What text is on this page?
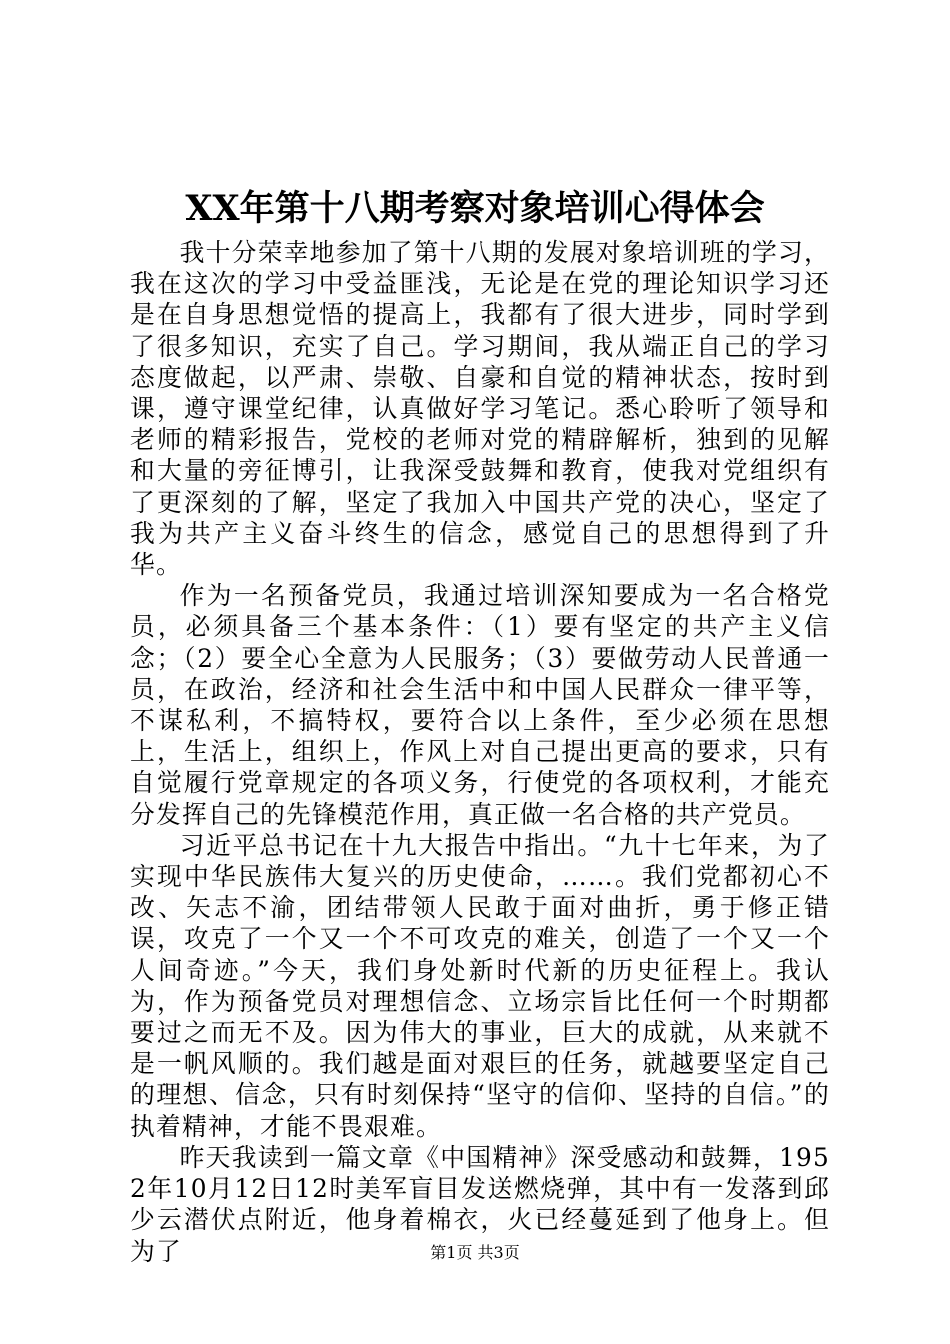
XX年第十八期考察对象培训心得体会

我十分荣幸地参加了第十八期的发展对象培训班的学习，我在这次的学习中受益匪浅，无论是在党的理论知识学习还是在自身思想觉悟的提高上，我都有了很大进步，同时学到了很多知识，充实了自己。学习期间，我从端正自己的学习态度做起，以严肃、崇敬、自豪和自觉的精神状态，按时到课，遵守课堂纪律，认真做好学习笔记。悉心聆听了领导和老师的精彩报告，党校的老师对党的精辟解析，独到的见解和大量的旁征博引，让我深受鼓舞和教育，使我对党组织有了更深刻的了解，坚定了我加入中国共产党的决心，坚定了我为共产主义奋斗终生的信念，感觉自己的思想得到了升华。

作为一名预备党员，我通过培训深知要成为一名合格党员，必须具备三个基本条件：（1）要有坚定的共产主义信念；（2）要全心全意为人民服务；（3）要做劳动人民普通一员，在政治，经济和社会生活中和中国人民群众一律平等，不谋私利，不搞特权，要符合以上条件，至少必须在思想上，生活上，组织上，作风上对自己提出更高的要求，只有自觉履行党章规定的各项义务，行使党的各项权利，才能充分发挥自己的先锋模范作用，真正做一名合格的共产党员。

习近平总书记在十九大报告中指出。“九十七年来，为了实现中华民族伟大复兴的历史使命，……。我们党都初心不改、矢志不渝，团结带领人民敢于面对曲折，勇于修正错误，攻克了一个又一个不可攻克的难关，创造了一个又一个人间奇迹。”今天，我们身处新时代新的历史征程上。我认为，作为预备党员对理想信念、立场宗旨比任何一个时期都要过之而无不及。因为伟大的事业，巨大的成就，从来就不是一帆风顺的。我们越是面对艰巨的任务，就越要坚定自己的理想、信念，只有时刻保持“坚守的信仰、坚持的自信。”的执着精神，才能不畏艰难。

昨天我读到一篇文章《中国精神》深受感动和鼓舞，1952年10月12日12时美军盲目发送燃烧弹，其中有一发落到邱少云潜伏点附近，他身着棉衣，火已经蔓延到了他身上。但为了	第1页 共3页
